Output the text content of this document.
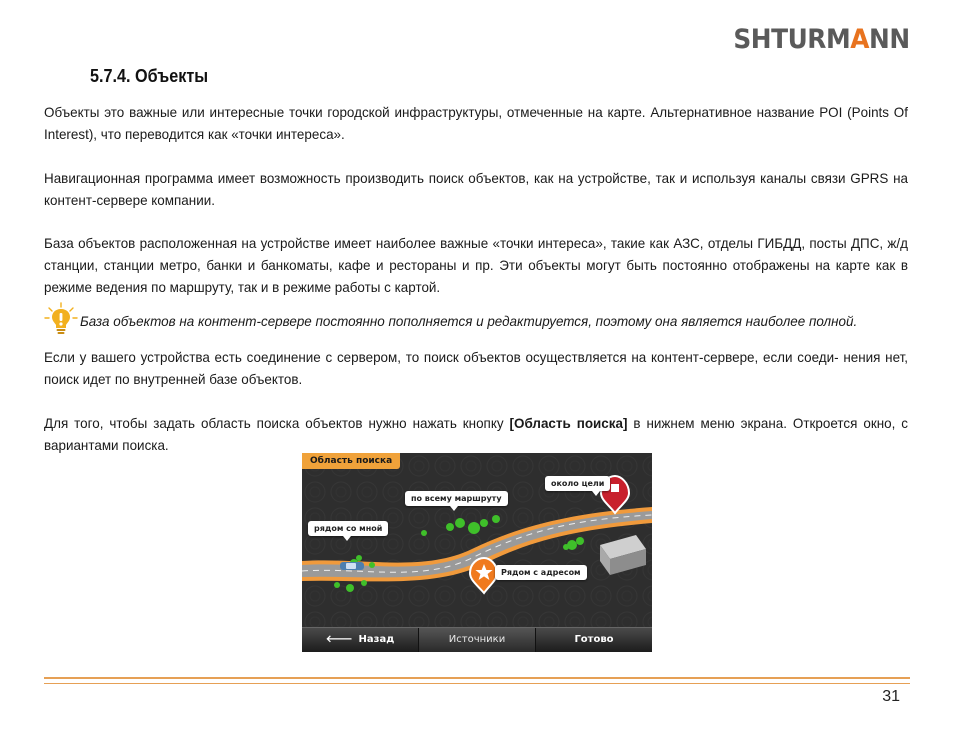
SHTURMANN
5.7.4. Объекты

Объекты это важные или интересные точки городской инфраструктуры, отмеченные на карте. Альтернативное название POI (Points Of Interest), что переводится как «точки интереса».

Навигационная программа имеет возможность производить поиск объектов, как на устройстве, так и используя каналы связи GPRS на контент-сервере компании.

База объектов расположенная на устройстве имеет наиболее важные «точки интереса», такие как АЗС, отделы ГИБДД, посты ДПС, ж/д станции, станции метро, банки и банкоматы, кафе и рестораны и пр. Эти объекты могут быть постоянно отображены на карте как в режиме ведения по маршруту, так и в режиме работы с картой.

База объектов на контент-сервере постоянно пополняется и редактируется, поэтому она является наиболее полной.

Если у вашего устройства есть соединение с сервером, то поиск объектов осуществляется на контент-сервере, если соеди- нения нет, поиск идет по внутренней базе объектов.

Для того, чтобы задать область поиска объектов нужно нажать кнопку [Область поиска] в нижнем меню экрана. Откроется окно, с вариантами поиска.

Область поиска
рядом со мной
по всему маршруту
около цели
Рядом с адресом
🡐 Назад	Источники	Готово
31
